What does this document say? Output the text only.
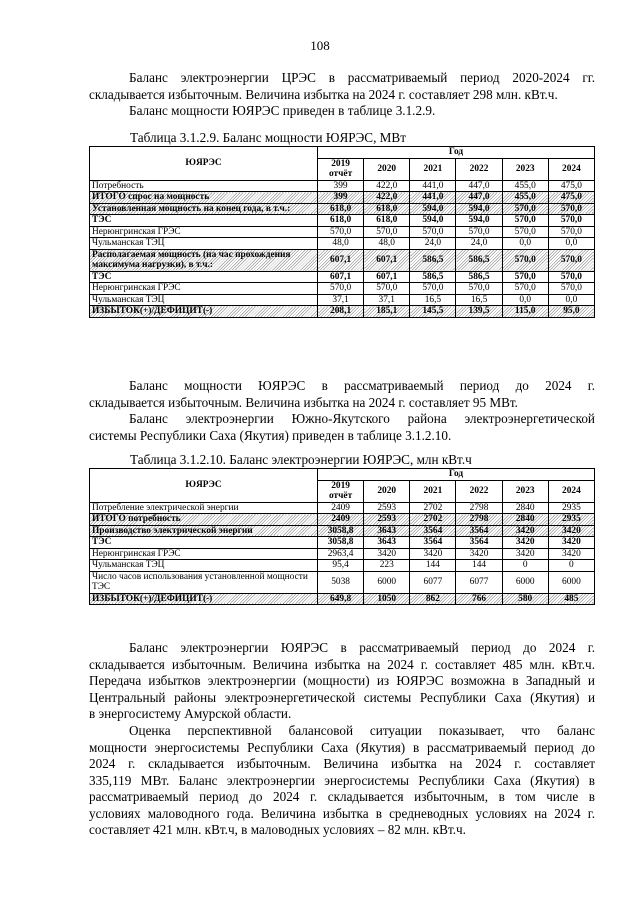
108

Баланс электроэнергии ЦРЭС в рассматриваемый период 2020-2024 гг.
складывается избыточным. Величина избытка на 2024 г. составляет 298 млн. кВт.ч.

Баланс мощности ЮЯРЭС приведен в таблице 3.1.2.9.

Таблица 3.1.2.9. Баланс мощности ЮЯРЭС, МВт
ЮЯРЭС	Год					
	2019 отчёт	2020	2021	2022	2023	2024
Потребность	399	422,0	441,0	447,0	455,0	475,0
ИТОГО спрос на мощность	399	422,0	441,0	447,0	455,0	475,0
Установленная мощность на конец года, в т.ч.:	618,0	618,0	594,0	594,0	570,0	570,0
ТЭС	618,0	618,0	594,0	594,0	570,0	570,0
Нерюнгринская ГРЭС	570,0	570,0	570,0	570,0	570,0	570,0
Чульманская ТЭЦ	48,0	48,0	24,0	24,0	0,0	0,0
Располагаемая мощность (на час прохождения максимума нагрузки), в т.ч.:	607,1	607,1	586,5	586,5	570,0	570,0
ТЭС	607,1	607,1	586,5	586,5	570,0	570,0
Нерюнгринская ГРЭС	570,0	570,0	570,0	570,0	570,0	570,0
Чульманская ТЭЦ	37,1	37,1	16,5	16,5	0,0	0,0
ИЗБЫТОК(+)/ДЕФИЦИТ(-)	208,1	185,1	145,5	139,5	115,0	95,0

Баланс мощности ЮЯРЭС в рассматриваемый период до 2024 г.
складывается избыточным. Величина избытка на 2024 г. составляет 95 МВт.

Баланс электроэнергии Южно-Якутского района электроэнергетической
системы Республики Саха (Якутия) приведен в таблице 3.1.2.10.

Таблица 3.1.2.10. Баланс электроэнергии ЮЯРЭС, млн кВт.ч
ЮЯРЭС	Год					
	2019 отчёт	2020	2021	2022	2023	2024
Потребление электрической энергии	2409	2593	2702	2798	2840	2935
ИТОГО потребность	2409	2593	2702	2798	2840	2935
Производство электрической энергии	3058,8	3643	3564	3564	3420	3420
ТЭС	3058,8	3643	3564	3564	3420	3420
Нерюнгринская ГРЭС	2963,4	3420	3420	3420	3420	3420
Чульманская ТЭЦ	95,4	223	144	144	0	0
Число часов использования установленной мощности ТЭС	5038	6000	6077	6077	6000	6000
ИЗБЫТОК(+)/ДЕФИЦИТ(-)	649,8	1050	862	766	580	485

Баланс электроэнергии ЮЯРЭС в рассматриваемый период до 2024 г.
складывается избыточным. Величина избытка на 2024 г. составляет 485 млн. кВт.ч.
Передача избытков электроэнергии (мощности) из ЮЯРЭС возможна в Западный и
Центральный районы электроэнергетической системы Республики Саха (Якутия) и
в энергосистему Амурской области.

Оценка перспективной балансовой ситуации показывает, что баланс
мощности энергосистемы Республики Саха (Якутия) в рассматриваемый период до
2024 г. складывается избыточным. Величина избытка на 2024 г. составляет
335,119 МВт. Баланс электроэнергии энергосистемы Республики Саха (Якутия) в
рассматриваемый период до 2024 г. складывается избыточным, в том числе в
условиях маловодного года. Величина избытка в средневодных условиях на 2024 г.
составляет 421 млн. кВт.ч, в маловодных условиях – 82 млн. кВт.ч.
